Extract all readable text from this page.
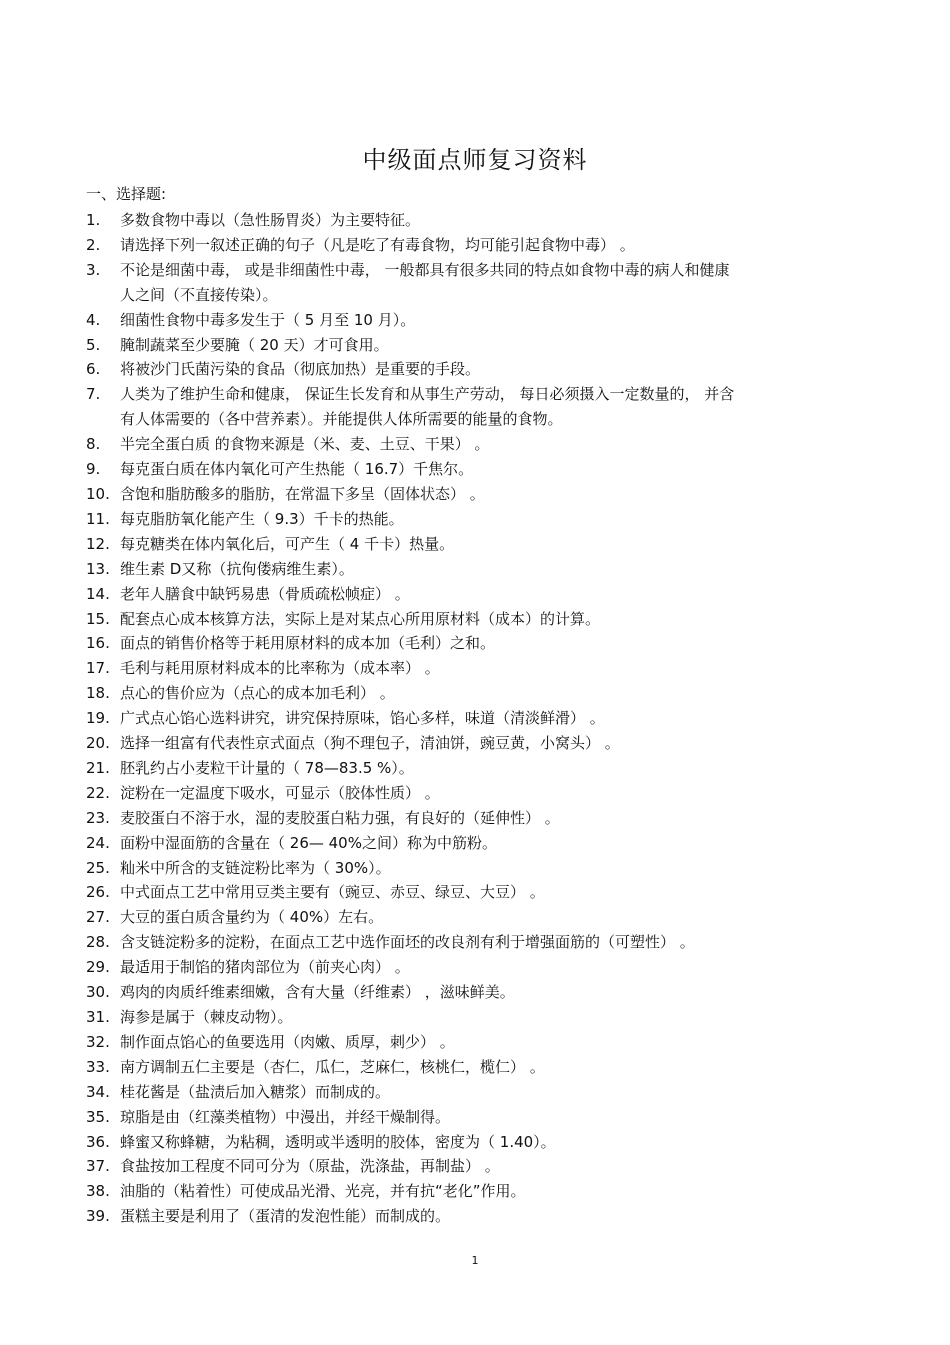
中级面点师复习资料
一、选择题:
1.	多数食物中毒以（急性肠胃炎）为主要特征。
2.	请选择下列一叙述正确的句子（凡是吃了有毒食物，均可能引起食物中毒） 。
3.	不论是细菌中毒， 或是非细菌性中毒， 一般都具有很多共同的特点如食物中毒的病人和健康
人之间（不直接传染）。
4.	细菌性食物中毒多发生于（ 5 月至 10 月）。
5.	腌制蔬菜至少要腌（ 20 天）才可食用。
6.	将被沙门氏菌污染的食品（彻底加热）是重要的手段。
7.	人类为了维护生命和健康， 保证生长发育和从事生产劳动， 每日必须摄入一定数量的， 并含
有人体需要的（各中营养素）。并能提供人体所需要的能量的食物。
8.	半完全蛋白质 的食物来源是（米、麦、土豆、干果） 。
9.	每克蛋白质在体内氧化可产生热能（ 16.7）千焦尔。
10. 含饱和脂肪酸多的脂肪，在常温下多呈（固体状态） 。
11. 每克脂肪氧化能产生（ 9.3）千卡的热能。
12. 每克糖类在体内氧化后，可产生（ 4 千卡）热量。
13. 维生素 D又称（抗佝偻病维生素）。
14. 老年人膳食中缺钙易患（骨质疏松帧症） 。
15. 配套点心成本核算方法，实际上是对某点心所用原材料（成本）的计算。
16. 面点的销售价格等于耗用原材料的成本加（毛利）之和。
17. 毛利与耗用原材料成本的比率称为（成本率） 。
18. 点心的售价应为（点心的成本加毛利） 。
19. 广式点心馅心选料讲究，讲究保持原味，馅心多样，味道（清淡鲜滑） 。
20. 选择一组富有代表性京式面点（狗不理包子，清油饼，豌豆黄，小窝头） 。
21. 胚乳约占小麦粒干计量的（ 78—83.5 %）。
22. 淀粉在一定温度下吸水，可显示（胶体性质） 。
23. 麦胶蛋白不溶于水，湿的麦胶蛋白粘力强，有良好的（延伸性） 。
24. 面粉中湿面筋的含量在（ 26— 40%之间）称为中筋粉。
25. 籼米中所含的支链淀粉比率为（ 30%）。
26. 中式面点工艺中常用豆类主要有（豌豆、赤豆、绿豆、大豆） 。
27. 大豆的蛋白质含量约为（ 40%）左右。
28. 含支链淀粉多的淀粉，在面点工艺中选作面坯的改良剂有利于增强面筋的（可塑性） 。
29. 最适用于制馅的猪肉部位为（前夹心肉） 。
30. 鸡肉的肉质纤维素细嫩，含有大量（纤维素） ，滋味鲜美。
31. 海参是属于（棘皮动物）。
32. 制作面点馅心的鱼要选用（肉嫩、质厚，刺少） 。
33. 南方调制五仁主要是（杏仁，瓜仁，芝麻仁，核桃仁，榄仁） 。
34. 桂花酱是（盐渍后加入糖浆）而制成的。
35. 琼脂是由（红藻类植物）中漫出，并经干燥制得。
36. 蜂蜜又称蜂糖，为粘稠，透明或半透明的胶体，密度为（ 1.40）。
37. 食盐按加工程度不同可分为（原盐，洗涤盐，再制盐） 。
38. 油脂的（粘着性）可使成品光滑、光亮，并有抗“老化”作用。
39. 蛋糕主要是利用了（蛋清的发泡性能）而制成的。
1
